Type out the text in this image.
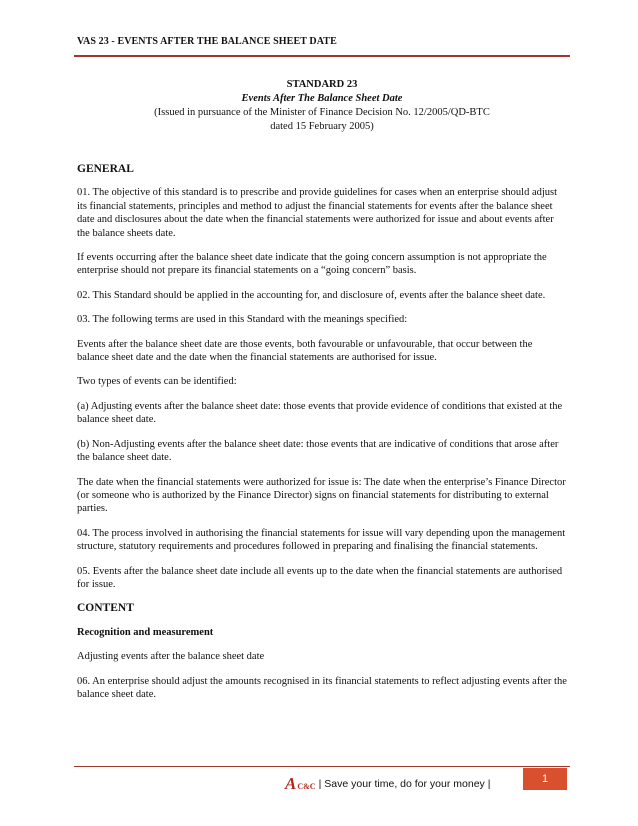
VAS 23 - EVENTS AFTER THE BALANCE SHEET DATE
STANDARD 23
Events After The Balance Sheet Date
(Issued in pursuance of the Minister of Finance Decision No. 12/2005/QD-BTC
dated 15 February 2005)
GENERAL

01. The objective of this standard is to prescribe and provide guidelines for cases when an enterprise should adjust its financial statements, principles and method to adjust the financial statements for events after the balance sheet date and disclosures about the date when the financial statements were authorized for issue and about events after the balance sheets date.

If events occurring after the balance sheet date indicate that the going concern assumption is not appropriate the enterprise should not prepare its financial statements on a “going concern” basis.

02. This Standard should be applied in the accounting for, and disclosure of, events after the balance sheet date.

03. The following terms are used in this Standard with the meanings specified:

Events after the balance sheet date are those events, both favourable or unfavourable, that occur between the balance sheet date and the date when the financial statements are authorised for issue.

Two types of events can be identified:

(a) Adjusting events after the balance sheet date: those events that provide evidence of conditions that existed at the balance sheet date.

(b) Non-Adjusting events after the balance sheet date: those events that are indicative of conditions that arose after the balance sheet date.

The date when the financial statements were authorized for issue is: The date when the enterprise’s Finance Director (or someone who is authorized by the Finance Director) signs on financial statements for distributing to external parties.

04. The process involved in authorising the financial statements for issue will vary depending upon the management structure, statutory requirements and procedures followed in preparing and finalising the financial statements.

05. Events after the balance sheet date include all events up to the date when the financial statements are authorised for issue.

CONTENT
Recognition and measurement

Adjusting events after the balance sheet date

06. An enterprise should adjust the amounts recognised in its financial statements to reflect adjusting events after the balance sheet date.

A C&C | Save your time, do for your money |	1
